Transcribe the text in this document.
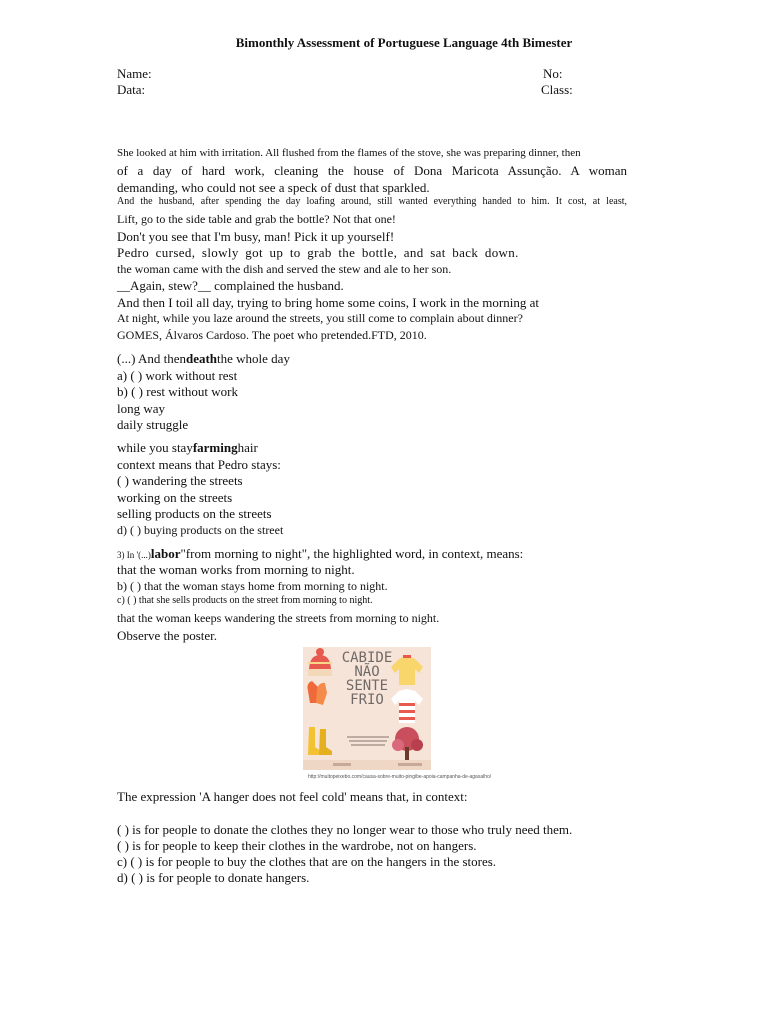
Bimonthly Assessment of Portuguese Language 4th Bimester
Name:	No:
Data:	Class:
She looked at him with irritation. All flushed from the flames of the stove, she was preparing dinner, then
of a day of hard work, cleaning the house of Dona Maricota Assunção. A woman
demanding, who could not see a speck of dust that sparkled.
And the husband, after spending the day loafing around, still wanted everything handed to him. It cost, at least,
Lift, go to the side table and grab the bottle? Not that one!
Don't you see that I'm busy, man! Pick it up yourself!
Pedro cursed, slowly got up to grab the bottle, and sat back down.
the woman came with the dish and served the stew and ale to her son.
__Again, stew?__ complained the husband.
And then I toil all day, trying to bring home some coins, I work in the morning at
At night, while you laze around the streets, you still come to complain about dinner?
GOMES, Álvaros Cardoso. The poet who pretended.FTD, 2010.
(...) And thendeaththe whole day
a) ( ) work without rest
b) ( ) rest without work
long way
daily struggle
while you stayfarminghair
context means that Pedro stays:
( ) wandering the streets
working on the streets
selling products on the streets
d) ( ) buying products on the street
3) In '(...)labor"from morning to night", the highlighted word, in context, means:
that the woman works from morning to night.
b) ( ) that the woman stays home from morning to night.
c) ( ) that she sells products on the street from morning to night.
that the woman keeps wandering the streets from morning to night.
Observe the poster.
CABIDE
NÃO
SENTE
FRIO
http://muitopeixebo.com/causa-sobre-muito-pingibe-apoia-campanha-de-agasalho/
The expression 'A hanger does not feel cold' means that, in context:
( ) is for people to donate the clothes they no longer wear to those who truly need them.
( ) is for people to keep their clothes in the wardrobe, not on hangers.
c) ( ) is for people to buy the clothes that are on the hangers in the stores.
d) ( ) is for people to donate hangers.
